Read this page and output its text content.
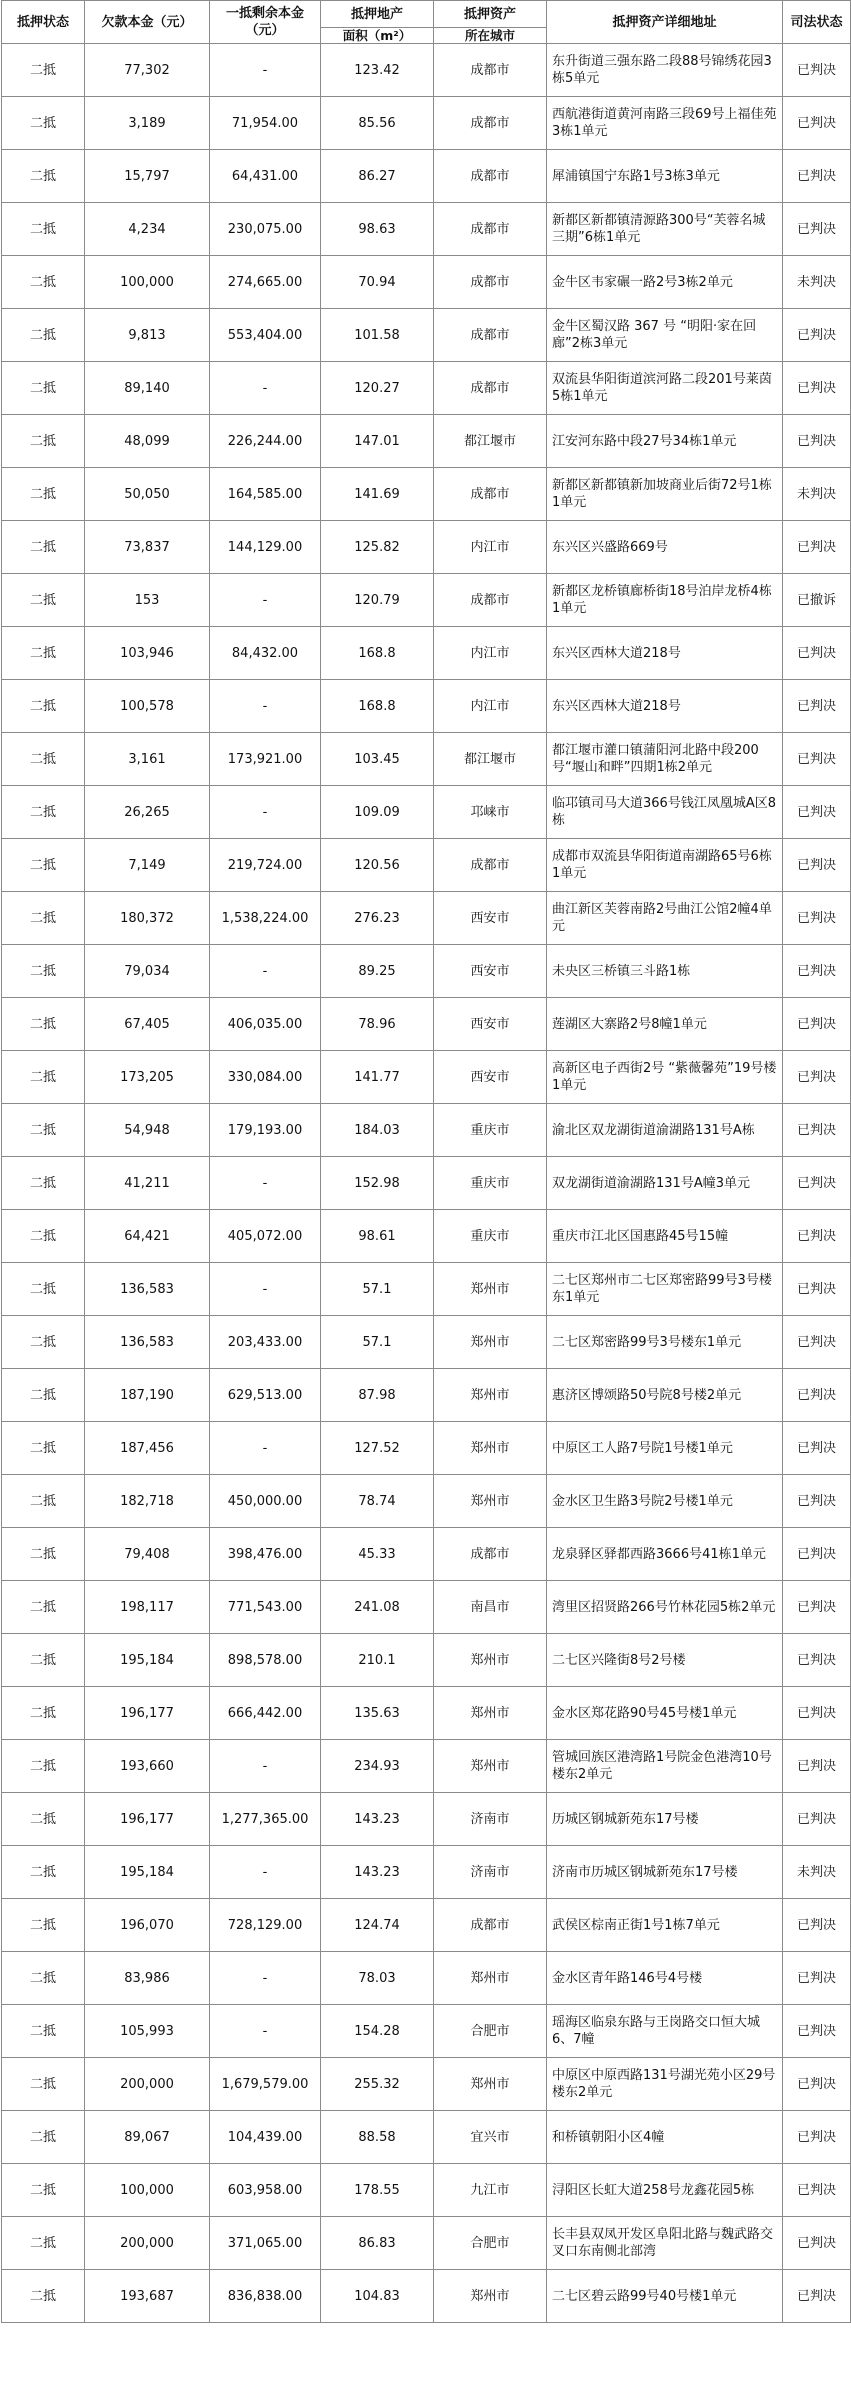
抵押状态	欠款本金（元）	一抵剩余本金（元）	抵押地产	抵押资产	抵押资产详细地址	司法状态
			面积（m²）	所在城市		
二抵	77,302	-	123.42	成都市	东升街道三强东路二段88号锦绣花园3栋5单元	已判决
二抵	3,189	71,954.00	85.56	成都市	西航港街道黄河南路三段69号上福佳苑3栋1单元	已判决
二抵	15,797	64,431.00	86.27	成都市	犀浦镇国宁东路1号3栋3单元	已判决
二抵	4,234	230,075.00	98.63	成都市	新都区新都镇清源路300号“芙蓉名城三期”6栋1单元	已判决
二抵	100,000	274,665.00	70.94	成都市	金牛区韦家碾一路2号3栋2单元	未判决
二抵	9,813	553,404.00	101.58	成都市	金牛区蜀汉路 367 号 “明阳·家在回廊”2栋3单元	已判决
二抵	89,140	-	120.27	成都市	双流县华阳街道滨河路二段201号莱茵5栋1单元	已判决
二抵	48,099	226,244.00	147.01	都江堰市	江安河东路中段27号34栋1单元	已判决
二抵	50,050	164,585.00	141.69	成都市	新都区新都镇新加坡商业后街72号1栋1单元	未判决
二抵	73,837	144,129.00	125.82	内江市	东兴区兴盛路669号	已判决
二抵	153	-	120.79	成都市	新都区龙桥镇廊桥街18号泊岸龙桥4栋1单元	已撤诉
二抵	103,946	84,432.00	168.8	内江市	东兴区西林大道218号	已判决
二抵	100,578	-	168.8	内江市	东兴区西林大道218号	已判决
二抵	3,161	173,921.00	103.45	都江堰市	都江堰市灌口镇蒲阳河北路中段200号“堰山和畔”四期1栋2单元	已判决
二抵	26,265	-	109.09	邛崃市	临邛镇司马大道366号钱江凤凰城A区8栋	已判决
二抵	7,149	219,724.00	120.56	成都市	成都市双流县华阳街道南湖路65号6栋1单元	已判决
二抵	180,372	1,538,224.00	276.23	西安市	曲江新区芙蓉南路2号曲江公馆2幢4单元	已判决
二抵	79,034	-	89.25	西安市	未央区三桥镇三斗路1栋	已判决
二抵	67,405	406,035.00	78.96	西安市	莲湖区大寨路2号8幢1单元	已判决
二抵	173,205	330,084.00	141.77	西安市	高新区电子西街2号 “紫薇馨苑”19号楼1单元	已判决
二抵	54,948	179,193.00	184.03	重庆市	渝北区双龙湖街道渝湖路131号A栋	已判决
二抵	41,211	-	152.98	重庆市	双龙湖街道渝湖路131号A幢3单元	已判决
二抵	64,421	405,072.00	98.61	重庆市	重庆市江北区国惠路45号15幢	已判决
二抵	136,583	-	57.1	郑州市	二七区郑州市二七区郑密路99号3号楼东1单元	已判决
二抵	136,583	203,433.00	57.1	郑州市	二七区郑密路99号3号楼东1单元	已判决
二抵	187,190	629,513.00	87.98	郑州市	惠济区博颂路50号院8号楼2单元	已判决
二抵	187,456	-	127.52	郑州市	中原区工人路7号院1号楼1单元	已判决
二抵	182,718	450,000.00	78.74	郑州市	金水区卫生路3号院2号楼1单元	已判决
二抵	79,408	398,476.00	45.33	成都市	龙泉驿区驿都西路3666号41栋1单元	已判决
二抵	198,117	771,543.00	241.08	南昌市	湾里区招贤路266号竹林花园5栋2单元	已判决
二抵	195,184	898,578.00	210.1	郑州市	二七区兴隆街8号2号楼	已判决
二抵	196,177	666,442.00	135.63	郑州市	金水区郑花路90号45号楼1单元	已判决
二抵	193,660	-	234.93	郑州市	管城回族区港湾路1号院金色港湾10号楼东2单元	已判决
二抵	196,177	1,277,365.00	143.23	济南市	历城区钢城新苑东17号楼	已判决
二抵	195,184	-	143.23	济南市	济南市历城区钢城新苑东17号楼	未判决
二抵	196,070	728,129.00	124.74	成都市	武侯区棕南正街1号1栋7单元	已判决
二抵	83,986	-	78.03	郑州市	金水区青年路146号4号楼	已判决
二抵	105,993	-	154.28	合肥市	瑶海区临泉东路与王岗路交口恒大城6、7幢	已判决
二抵	200,000	1,679,579.00	255.32	郑州市	中原区中原西路131号湖光苑小区29号楼东2单元	已判决
二抵	89,067	104,439.00	88.58	宜兴市	和桥镇朝阳小区4幢	已判决
二抵	100,000	603,958.00	178.55	九江市	浔阳区长虹大道258号龙鑫花园5栋	已判决
二抵	200,000	371,065.00	86.83	合肥市	长丰县双凤开发区阜阳北路与魏武路交叉口东南侧北部湾	已判决
二抵	193,687	836,838.00	104.83	郑州市	二七区碧云路99号40号楼1单元	已判决
